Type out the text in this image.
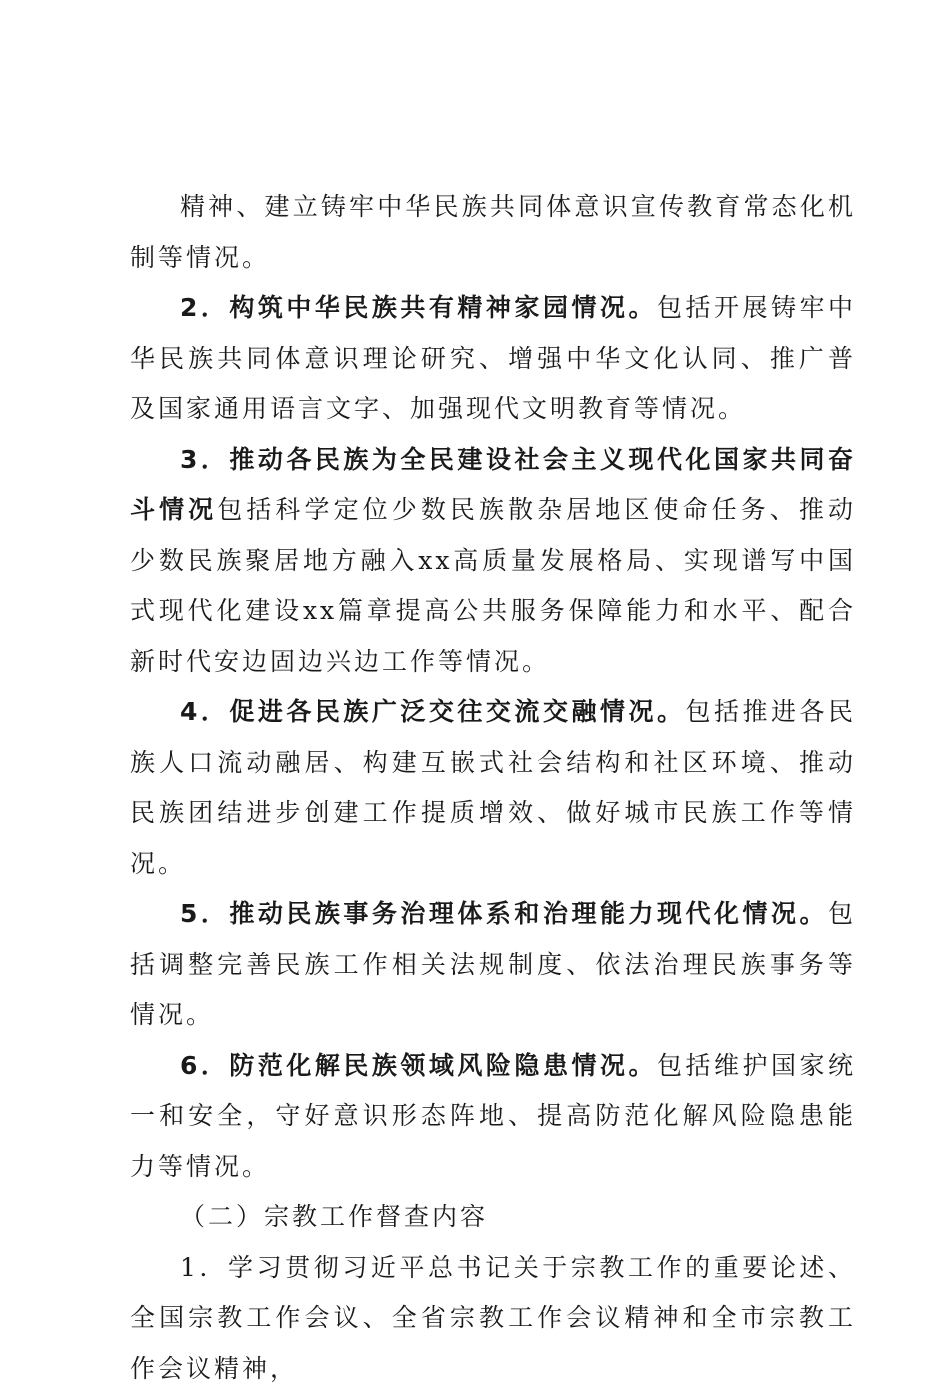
精神、建立铸牢中华民族共同体意识宣传教育常态化机制等情况。

2．构筑中华民族共有精神家园情况。包括开展铸牢中华民族共同体意识理论研究、增强中华文化认同、推广普及国家通用语言文字、加强现代文明教育等情况。

3．推动各民族为全民建设社会主义现代化国家共同奋斗情况包括科学定位少数民族散杂居地区使命任务、推动少数民族聚居地方融入xx高质量发展格局、实现谱写中国式现代化建设xx篇章提高公共服务保障能力和水平、配合新时代安边固边兴边工作等情况。

4．促进各民族广泛交往交流交融情况。包括推进各民族人口流动融居、构建互嵌式社会结构和社区环境、推动民族团结进步创建工作提质增效、做好城市民族工作等情况。

5．推动民族事务治理体系和治理能力现代化情况。包括调整完善民族工作相关法规制度、依法治理民族事务等情况。

6．防范化解民族领域风险隐患情况。包括维护国家统一和安全，守好意识形态阵地、提高防范化解风险隐患能力等情况。

（二）宗教工作督查内容

1．学习贯彻习近平总书记关于宗教工作的重要论述、全国宗教工作会议、全省宗教工作会议精神和全市宗教工作会议精神，
